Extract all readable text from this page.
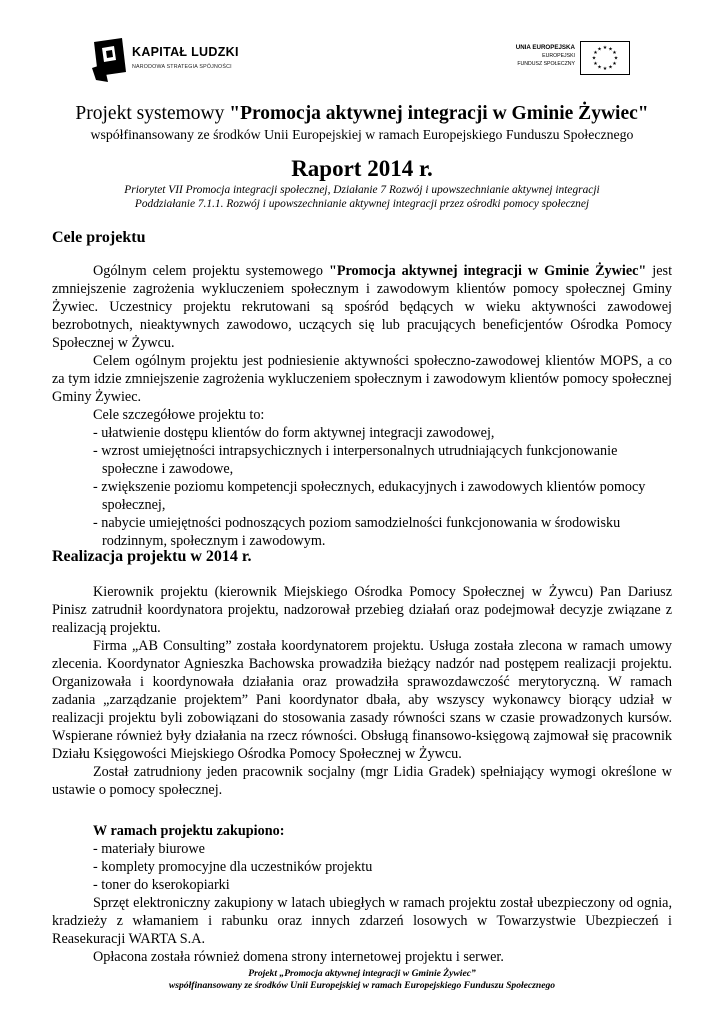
KAPITAŁ LUDZKI
NARODOWA STRATEGIA SPÓJNOŚCI
UNIA EUROPEJSKA
EUROPEJSKI
FUNDUSZ SPOŁECZNY
★ ★
★
★
★
★
★
★
★
★
★
★
Projekt systemowy "Promocja aktywnej integracji w Gminie Żywiec"
współfinansowany ze środków Unii Europejskiej w ramach Europejskiego Funduszu Społecznego
Raport 2014 r.
Priorytet VII Promocja integracji społecznej, Działanie 7 Rozwój i upowszechnianie aktywnej integracji
Poddziałanie 7.1.1. Rozwój i upowszechnianie aktywnej integracji przez ośrodki pomocy społecznej
Cele projektu

Ogólnym celem projektu systemowego "Promocja aktywnej integracji w Gminie Żywiec" jest zmniejszenie zagrożenia wykluczeniem społecznym i zawodowym klientów pomocy społecznej Gminy Żywiec. Uczestnicy projektu rekrutowani są spośród będących w wieku aktywności zawodowej bezrobotnych, nieaktywnych zawodowo, uczących się lub pracujących beneficjentów Ośrodka Pomocy Społecznej w Żywcu.

Celem ogólnym projektu jest podniesienie aktywności społeczno-zawodowej klientów MOPS, a co za tym idzie zmniejszenie zagrożenia wykluczeniem społecznym i zawodowym klientów pomocy społecznej Gminy Żywiec.

Cele szczegółowe projektu to:

- ułatwienie dostępu klientów do form aktywnej integracji zawodowej,
- wzrost umiejętności intrapsychicznych i interpersonalnych utrudniających funkcjonowanie społeczne i zawodowe,
- zwiększenie poziomu kompetencji społecznych, edukacyjnych i zawodowych klientów pomocy społecznej,
- nabycie umiejętności podnoszących poziom samodzielności funkcjonowania w środowisku rodzinnym, społecznym i zawodowym.
Realizacja projektu w 2014 r.

Kierownik projektu (kierownik Miejskiego Ośrodka Pomocy Społecznej w Żywcu) Pan Dariusz Pinisz zatrudnił koordynatora projektu, nadzorował przebieg działań oraz podejmował decyzje związane z realizacją projektu.

Firma „AB Consulting” została koordynatorem projektu. Usługa została zlecona w ramach umowy zlecenia. Koordynator Agnieszka Bachowska prowadziła bieżący nadzór nad postępem realizacji projektu. Organizowała i koordynowała działania oraz prowadziła sprawozdawczość merytoryczną. W ramach zadania „zarządzanie projektem” Pani koordynator dbała, aby wszyscy wykonawcy biorący udział w realizacji projektu byli zobowiązani do stosowania zasady równości szans w czasie prowadzonych kursów. Wspierane również były działania na rzecz równości. Obsługą finansowo-księgową zajmował się pracownik Działu Księgowości Miejskiego Ośrodka Pomocy Społecznej w Żywcu.

Został zatrudniony jeden pracownik socjalny (mgr Lidia Gradek) spełniający wymogi określone w ustawie o pomocy społecznej.

W ramach projektu zakupiono:

- materiały biurowe
- komplety promocyjne dla uczestników projektu
- toner do kserokopiarki

Sprzęt elektroniczny zakupiony w latach ubiegłych w ramach projektu został ubezpieczony od ognia, kradzieży z włamaniem i rabunku oraz innych zdarzeń losowych w Towarzystwie Ubezpieczeń i Reasekuracji WARTA S.A.

Opłacona została również domena strony internetowej projektu i serwer.

Projekt „Promocja aktywnej integracji w Gminie Żywiec”
współfinansowany ze środków Unii Europejskiej w ramach Europejskiego Funduszu Społecznego
